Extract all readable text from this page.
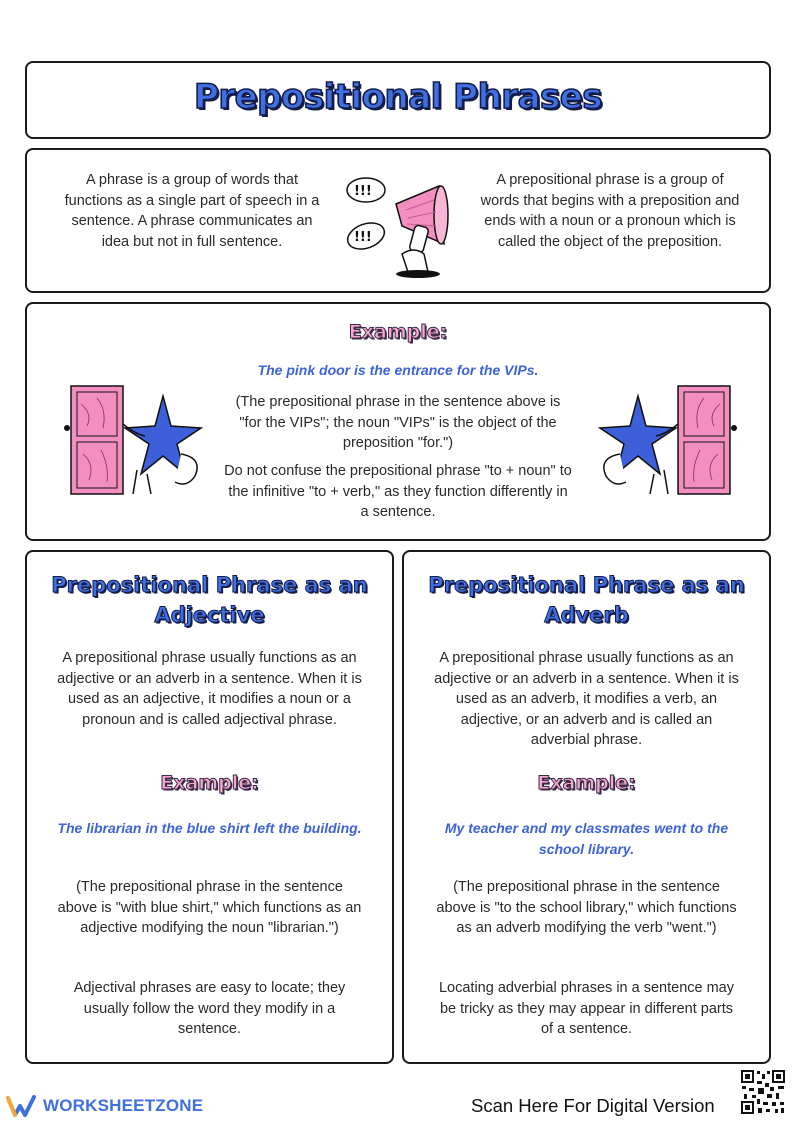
Prepositional Phrases
A phrase is a group of words that functions as a single part of speech in a sentence. A phrase communicates an idea but not in full sentence.
!!!
!!!
A prepositional phrase is a group of words that begins with a preposition and ends with a noun or a pronoun which is called the object of the preposition.
Example:
The pink door is the entrance for the VIPs.
(The prepositional phrase in the sentence above is "for the VIPs"; the noun "VIPs" is the object of the preposition "for.")
Do not confuse the prepositional phrase "to + noun" to the infinitive "to + verb," as they function differently in a sentence.
Prepositional Phrase as an Adjective
A prepositional phrase usually functions as an adjective or an adverb in a sentence. When it is used as an adjective, it modifies a noun or a pronoun and is called adjectival phrase.
Example:
The librarian in the blue shirt left the building.
(The prepositional phrase in the sentence above is "with blue shirt," which functions as an adjective modifying the noun "librarian.")
Adjectival phrases are easy to locate; they usually follow the word they modify in a sentence.
Prepositional Phrase as an Adverb
A prepositional phrase usually functions as an adjective or an adverb in a sentence. When it is used as an adverb, it modifies a verb, an adjective, or an adverb and is called an adverbial phrase.
Example:
My teacher and my classmates went to the school library.
(The prepositional phrase in the sentence above is "to the school library," which functions as an adverb modifying the verb "went.")
Locating adverbial phrases in a sentence may be tricky as they may appear in different parts of a sentence.
WORKSHEETZONE	Scan Here For Digital Version
